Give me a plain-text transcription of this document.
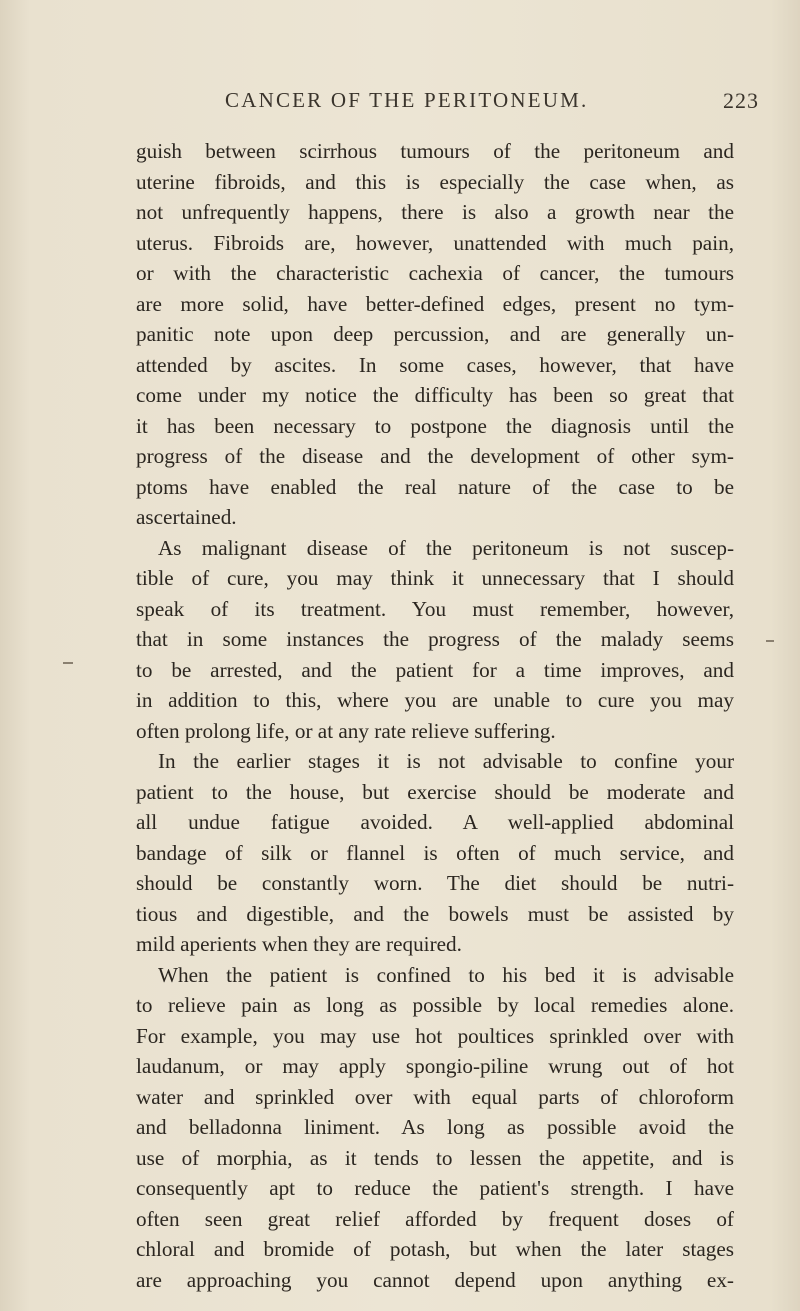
CANCER OF THE PERITONEUM.	223
guish between scirrhous tumours of the peritoneum and
uterine fibroids, and this is especially the case when, as
not unfrequently happens, there is also a growth near the
uterus. Fibroids are, however, unattended with much pain,
or with the characteristic cachexia of cancer, the tumours
are more solid, have better-defined edges, present no tym-
panitic note upon deep percussion, and are generally un-
attended by ascites. In some cases, however, that have
come under my notice the difficulty has been so great that
it has been necessary to postpone the diagnosis until the
progress of the disease and the development of other sym-
ptoms have enabled the real nature of the case to be
ascertained.
As malignant disease of the peritoneum is not suscep-
tible of cure, you may think it unnecessary that I should
speak of its treatment. You must remember, however,
that in some instances the progress of the malady seems
to be arrested, and the patient for a time improves, and
in addition to this, where you are unable to cure you may
often prolong life, or at any rate relieve suffering.
In the earlier stages it is not advisable to confine your
patient to the house, but exercise should be moderate and
all undue fatigue avoided. A well-applied abdominal
bandage of silk or flannel is often of much service, and
should be constantly worn. The diet should be nutri-
tious and digestible, and the bowels must be assisted by
mild aperients when they are required.
When the patient is confined to his bed it is advisable
to relieve pain as long as possible by local remedies alone.
For example, you may use hot poultices sprinkled over with
laudanum, or may apply spongio-piline wrung out of hot
water and sprinkled over with equal parts of chloroform
and belladonna liniment. As long as possible avoid the
use of morphia, as it tends to lessen the appetite, and is
consequently apt to reduce the patient's strength. I have
often seen great relief afforded by frequent doses of
chloral and bromide of potash, but when the later stages
are approaching you cannot depend upon anything ex-
